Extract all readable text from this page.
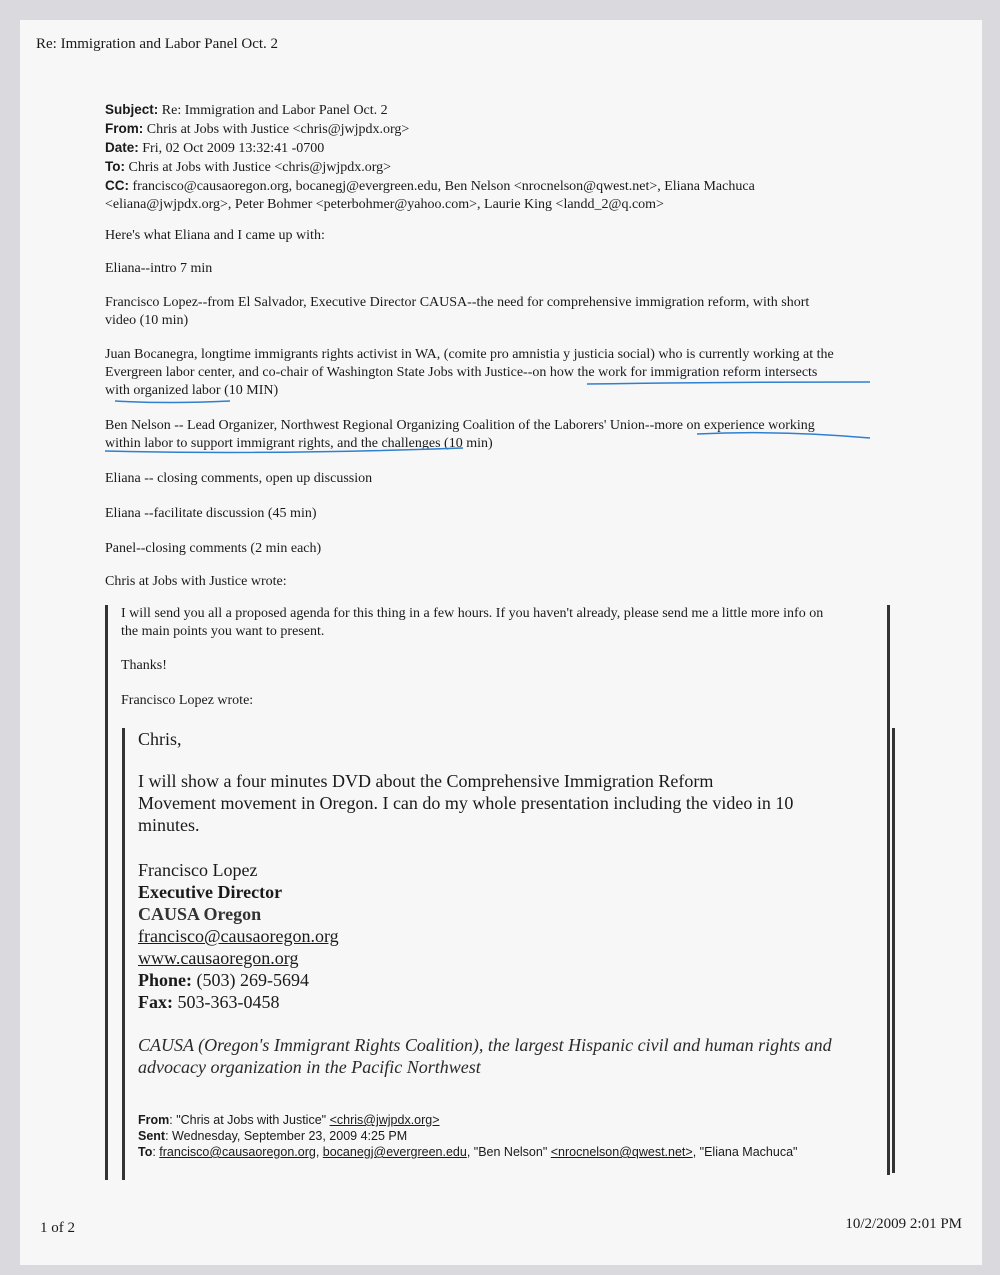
Re: Immigration and Labor Panel Oct. 2
Subject: Re: Immigration and Labor Panel Oct. 2
From: Chris at Jobs with Justice <chris@jwjpdx.org>
Date: Fri, 02 Oct 2009 13:32:41 -0700
To: Chris at Jobs with Justice <chris@jwjpdx.org>
CC: francisco@causaoregon.org, bocanegj@evergreen.edu, Ben Nelson <nrocnelson@qwest.net>, Eliana Machuca
<eliana@jwjpdx.org>, Peter Bohmer <peterbohmer@yahoo.com>, Laurie King <landd_2@q.com>
Here's what Eliana and I came up with:
Eliana--intro 7 min
Francisco Lopez--from El Salvador, Executive Director CAUSA--the need for comprehensive immigration reform, with short
video (10 min)
Juan Bocanegra, longtime immigrants rights activist in WA, (comite pro amnistia y justicia social) who is currently working at the
Evergreen labor center, and co-chair of Washington State Jobs with Justice--on how the work for immigration reform intersects
with organized labor (10 MIN)
Ben Nelson -- Lead Organizer, Northwest Regional Organizing Coalition of the Laborers' Union--more on experience working
within labor to support immigrant rights, and the challenges (10 min)
Eliana -- closing comments, open up discussion
Eliana --facilitate discussion (45 min)
Panel--closing comments (2 min each)
Chris at Jobs with Justice wrote:
I will send you all a proposed agenda for this thing in a few hours. If you haven't already, please send me a little more info on
the main points you want to present.
Thanks!
Francisco Lopez wrote:
Chris,
I will show a four minutes DVD about the Comprehensive Immigration Reform
Movement movement in Oregon. I can do my whole presentation including the video in 10
minutes.
Francisco Lopez
Executive Director
CAUSA Oregon
francisco@causaoregon.org
www.causaoregon.org
Phone: (503) 269-5694
Fax: 503-363-0458
CAUSA (Oregon's Immigrant Rights Coalition), the largest Hispanic civil and human rights and
advocacy organization in the Pacific Northwest
From: "Chris at Jobs with Justice" <chris@jwjpdx.org>
Sent: Wednesday, September 23, 2009 4:25 PM
To: francisco@causaoregon.org, bocanegj@evergreen.edu, "Ben Nelson" <nrocnelson@qwest.net>, "Eliana Machuca"
1 of 2	10/2/2009 2:01 PM
